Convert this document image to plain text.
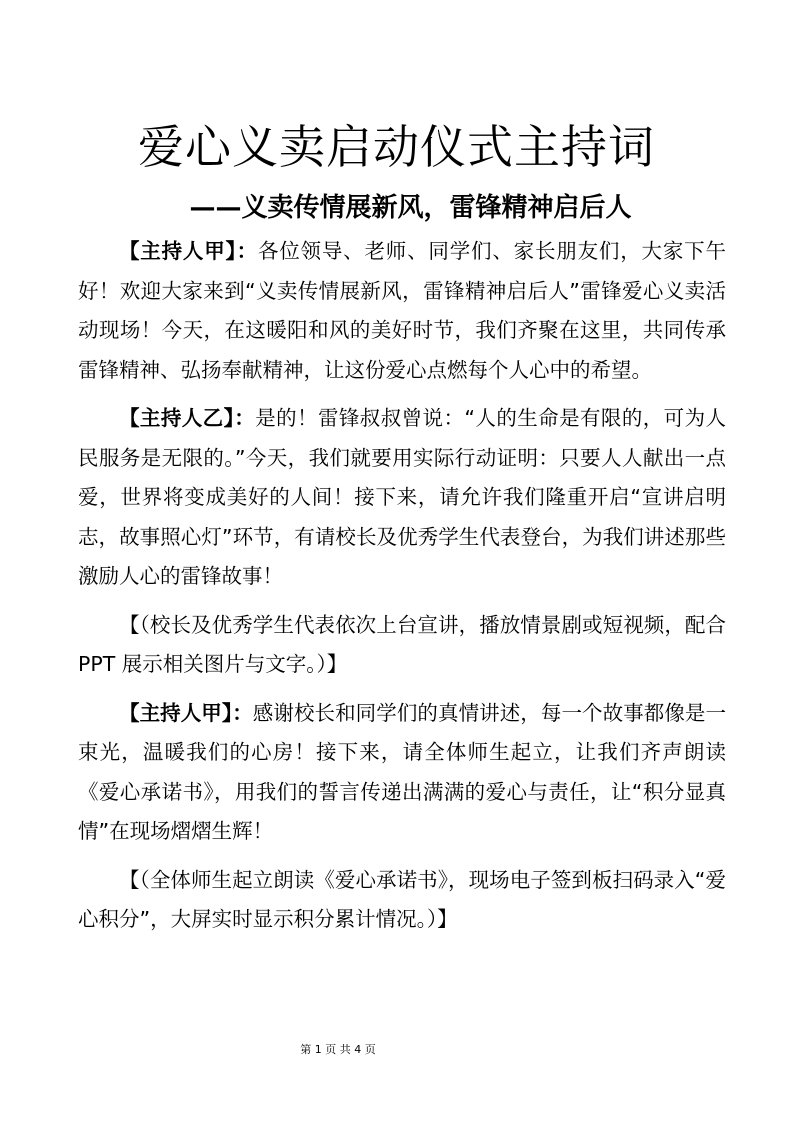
爱心义卖启动仪式主持词
——义卖传情展新风，雷锋精神启后人

【主持人甲】：各位领导、老师、同学们、家长朋友们，大家下午好！欢迎大家来到“义卖传情展新风，雷锋精神启后人”雷锋爱心义卖活动现场！今天，在这暖阳和风的美好时节，我们齐聚在这里，共同传承雷锋精神、弘扬奉献精神，让这份爱心点燃每个人心中的希望。

【主持人乙】：是的！雷锋叔叔曾说：“人的生命是有限的，可为人民服务是无限的。”今天，我们就要用实际行动证明：只要人人献出一点爱，世界将变成美好的人间！接下来，请允许我们隆重开启“宣讲启明志，故事照心灯”环节，有请校长及优秀学生代表登台，为我们讲述那些激励人心的雷锋故事！

【（校长及优秀学生代表依次上台宣讲，播放情景剧或短视频，配合 PPT 展示相关图片与文字。）】

【主持人甲】：感谢校长和同学们的真情讲述，每一个故事都像是一束光，温暖我们的心房！接下来，请全体师生起立，让我们齐声朗读《爱心承诺书》，用我们的誓言传递出满满的爱心与责任，让“积分显真情”在现场熠熠生辉！

【（全体师生起立朗读《爱心承诺书》，现场电子签到板扫码录入“爱心积分”，大屏实时显示积分累计情况。）】

第 1 页 共 4 页
